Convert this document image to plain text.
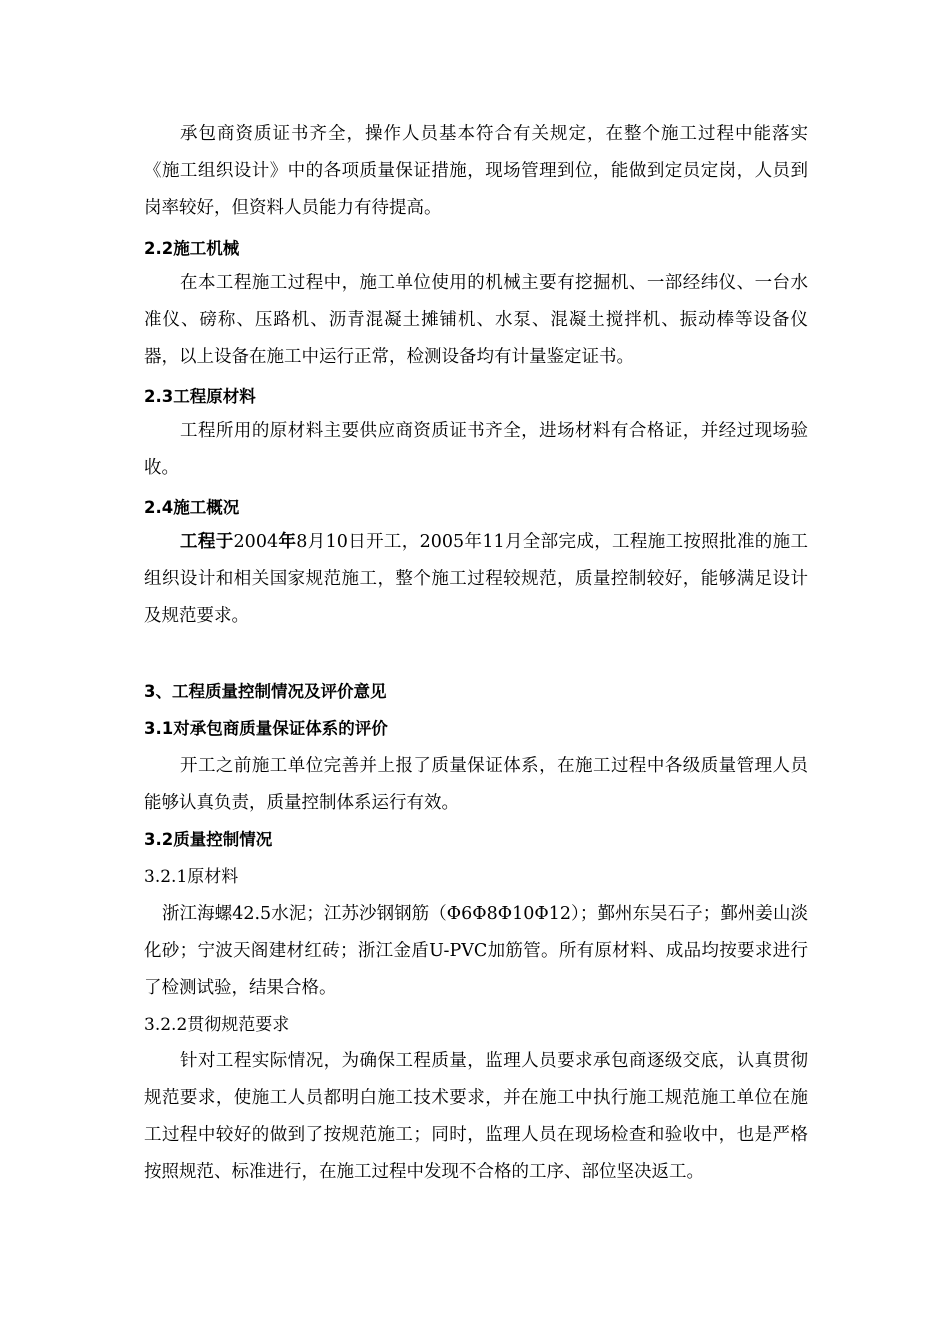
承包商资质证书齐全，操作人员基本符合有关规定，在整个施工过程中能落实《施工组织设计》中的各项质量保证措施，现场管理到位，能做到定员定岗，人员到岗率较好，但资料人员能力有待提高。
2.2施工机械
在本工程施工过程中，施工单位使用的机械主要有挖掘机、一部经纬仪、一台水准仪、磅称、压路机、沥青混凝土摊铺机、水泵、混凝土搅拌机、振动棒等设备仪器，以上设备在施工中运行正常，检测设备均有计量鉴定证书。
2.3工程原材料
工程所用的原材料主要供应商资质证书齐全，进场材料有合格证，并经过现场验收。
2.4施工概况
工程于2004年8月10日开工，2005年11月全部完成，工程施工按照批准的施工组织设计和相关国家规范施工，整个施工过程较规范，质量控制较好，能够满足设计及规范要求。
3、工程质量控制情况及评价意见
3.1对承包商质量保证体系的评价
开工之前施工单位完善并上报了质量保证体系，在施工过程中各级质量管理人员能够认真负责，质量控制体系运行有效。
3.2质量控制情况
3.2.1原材料
浙江海螺42.5水泥；江苏沙钢钢筋（Φ6Φ8Φ10Φ12）；鄞州东吴石子；鄞州姜山淡化砂；宁波天阁建材红砖；浙江金盾U-PVC加筋管。所有原材料、成品均按要求进行了检测试验，结果合格。
3.2.2贯彻规范要求
针对工程实际情况，为确保工程质量，监理人员要求承包商逐级交底，认真贯彻规范要求，使施工人员都明白施工技术要求，并在施工中执行施工规范施工单位在施工过程中较好的做到了按规范施工；同时，监理人员在现场检查和验收中，也是严格按照规范、标准进行，在施工过程中发现不合格的工序、部位坚决返工。
